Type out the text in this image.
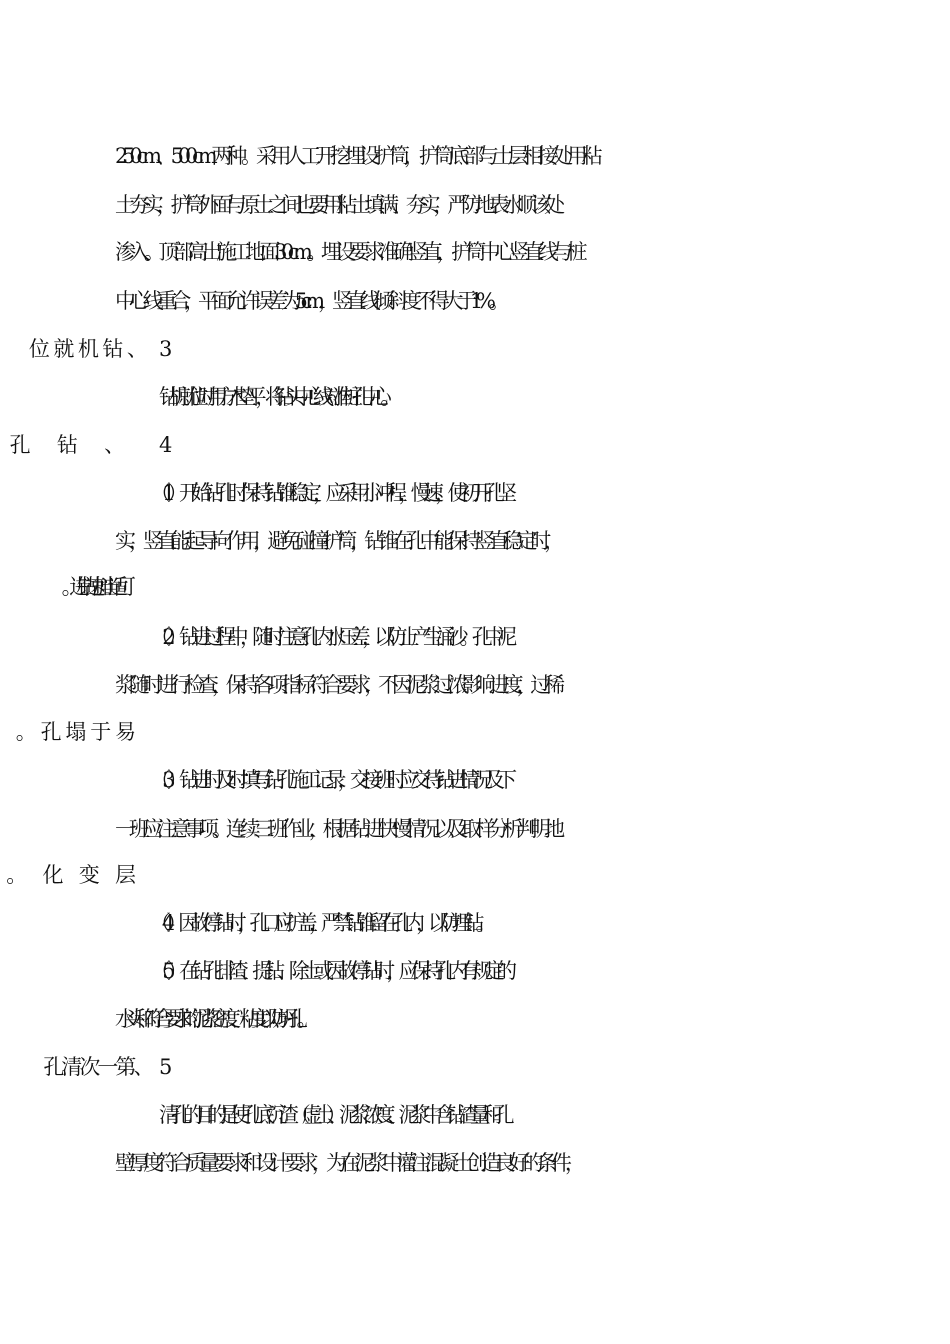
250cm、500cm两种。采用人工开挖埋设护筒，护筒底部与土层相接处用粘
土夯实，护筒外面与原土之间也要用粘土填满、夯实，严防地表水顺该处
渗入。顶部高出施工地面 30cm。埋设要求准确竖直，护筒中心竖直线与桩
中心线重合，平面允许误差为 5cm，竖直线倾斜度不得大于 1%。
钻机就位时用方木垫平，将钻头中心线对准桩孔中心。
（1）开始钻孔时保持钻锥稳定，应采用小冲程，慢速，使初开孔坚
实，竖直能起导向作用，避免碰撞护筒，钻锥在孔中能保持竖直稳定时，
（2）钻进过程中，随时注意孔内水压差，以防止产生涌沙。孔中泥
浆随时进行检查，保持各项指标符合要求，不因泥浆过浓影响进度，过稀
（3）钻进时及时填写钻孔施工记录，交接班时应交待钻进情况及下
一班应注意事项。连续三班作业，根据钻进快慢情况以及取样分析判明地
（4）因故停钻时，孔口应护盖，严禁钻锥留在孔内，以防埋钻。
（5）在钻孔排渣、提钻、除土或因故停钻时，应保持孔内有规定的
水头和符合要求的泥浆密度、粘度以防坍孔。
清孔的目的是使孔底沉渣（虚土）、泥浆浓度、泥浆中含钻渣量和孔
壁厚度符合质量要求和设计要求，为在泥浆中灌注混凝土创造良好的条件，
